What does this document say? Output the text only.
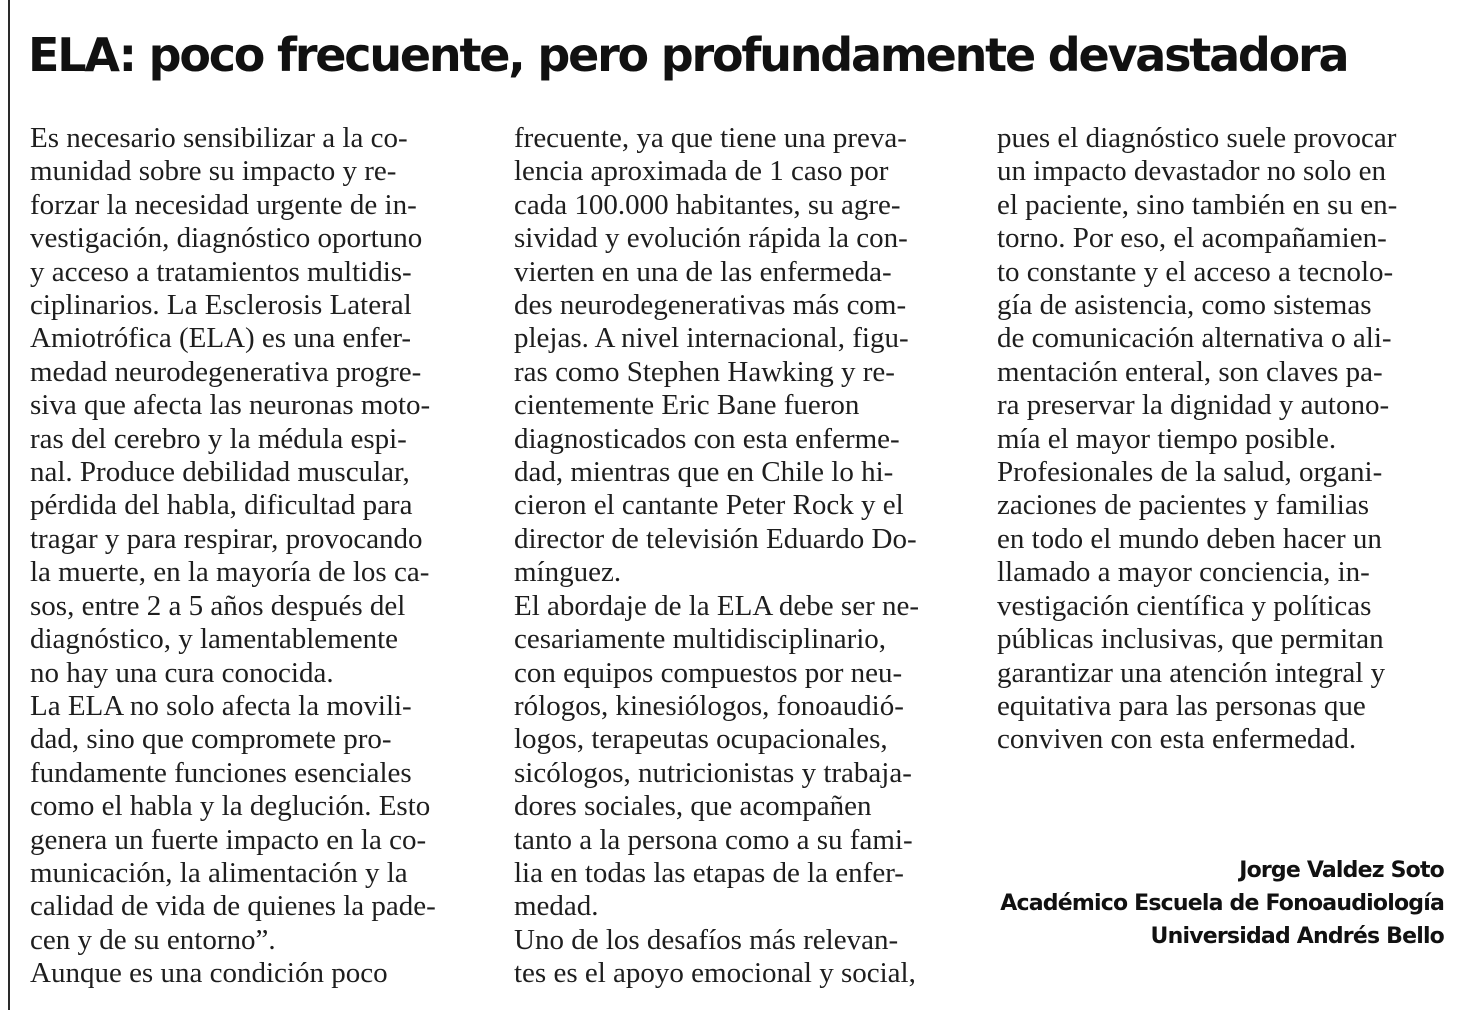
ELA: poco frecuente, pero profundamente devastadora

Es necesario sensibilizar a la co-
munidad sobre su impacto y re-
forzar la necesidad urgente de in-
vestigación, diagnóstico oportuno
y acceso a tratamientos multidis-
ciplinarios. La Esclerosis Lateral
Amiotrófica (ELA) es una enfer-
medad neurodegenerativa progre-
siva que afecta las neuronas moto-
ras del cerebro y la médula espi-
nal. Produce debilidad muscular,
pérdida del habla, dificultad para
tragar y para respirar, provocando
la muerte, en la mayoría de los ca-
sos, entre 2 a 5 años después del
diagnóstico, y lamentablemente
no hay una cura conocida.
La ELA no solo afecta la movili-
dad, sino que compromete pro-
fundamente funciones esenciales
como el habla y la deglución. Esto
genera un fuerte impacto en la co-
municación, la alimentación y la
calidad de vida de quienes la pade-
cen y de su entorno”.
Aunque es una condición poco

frecuente, ya que tiene una preva-
lencia aproximada de 1 caso por
cada 100.000 habitantes, su agre-
sividad y evolución rápida la con-
vierten en una de las enfermeda-
des neurodegenerativas más com-
plejas. A nivel internacional, figu-
ras como Stephen Hawking y re-
cientemente Eric Bane fueron
diagnosticados con esta enferme-
dad, mientras que en Chile lo hi-
cieron el cantante Peter Rock y el
director de televisión Eduardo Do-
mínguez.
El abordaje de la ELA debe ser ne-
cesariamente multidisciplinario,
con equipos compuestos por neu-
rólogos, kinesiólogos, fonoaudió-
logos, terapeutas ocupacionales,
sicólogos, nutricionistas y trabaja-
dores sociales, que acompañen
tanto a la persona como a su fami-
lia en todas las etapas de la enfer-
medad.
Uno de los desafíos más relevan-
tes es el apoyo emocional y social,

pues el diagnóstico suele provocar
un impacto devastador no solo en
el paciente, sino también en su en-
torno. Por eso, el acompañamien-
to constante y el acceso a tecnolo-
gía de asistencia, como sistemas
de comunicación alternativa o ali-
mentación enteral, son claves pa-
ra preservar la dignidad y autono-
mía el mayor tiempo posible.
Profesionales de la salud, organi-
zaciones de pacientes y familias
en todo el mundo deben hacer un
llamado a mayor conciencia, in-
vestigación científica y políticas
públicas inclusivas, que permitan
garantizar una atención integral y
equitativa para las personas que
conviven con esta enfermedad.

Jorge Valdez Soto
Académico Escuela de Fonoaudiología
Universidad Andrés Bello
